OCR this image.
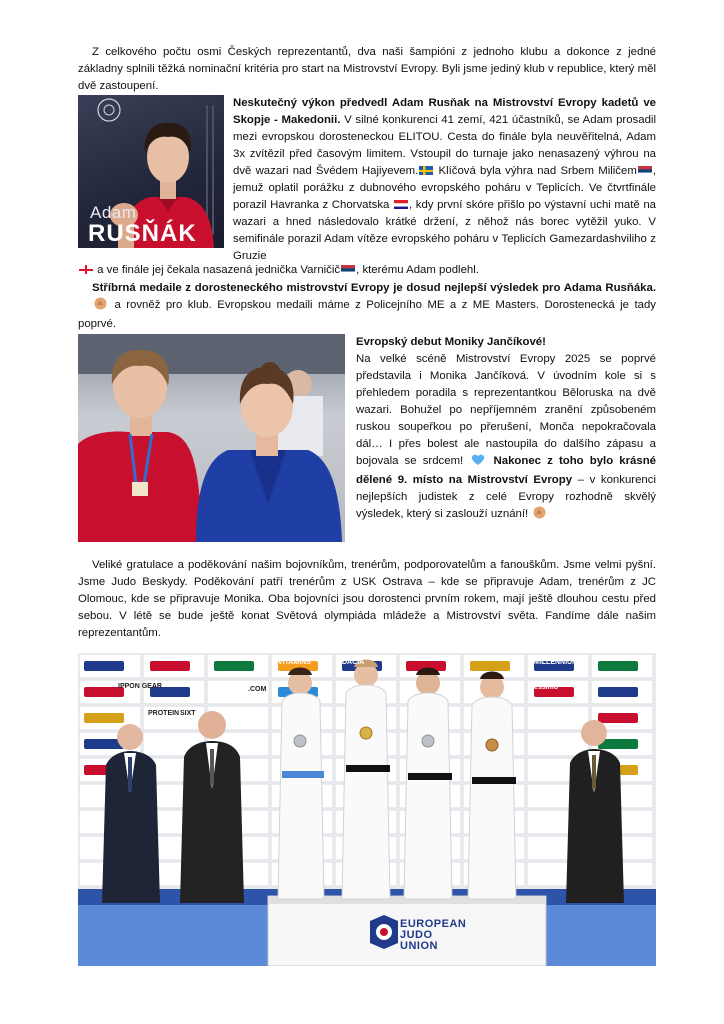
Z celkového počtu osmi Českých reprezentantů, dva naši šampióni z jednoho klubu a dokonce z jedné základny splnili těžká nominační kritéria pro start na Mistrovství Evropy. Byli jsme jediný klub v republice, který měl dvě zastoupení.
Adam
RUSŇÁK
Neskutečný výkon předvedl Adam Rusňak na Mistrovství Evropy kadetů ve Skopje - Makedonii. V silné konkurenci 41 zemí, 421 účastníků, se Adam prosadil mezi evropskou dorosteneckou ELITOU. Cesta do finále byla neuvěřitelná, Adam 3x zvítězil před časovým limitem. Vstoupil do turnaje jako nenasazený výhrou na dvě wazari nad Švédem Hajiyevem. Klíčová byla výhra nad Srbem Miličem , jemuž oplatil porážku z dubnového evropského poháru v Teplicích. Ve čtvrtfinále porazil Havranka z Chorvatska , kdy první skóre přišlo po výstavní uchi matě na wazari a hned následovalo krátké držení, z něhož nás borec vytěžil yuko. V semifinále porazil Adam vítěze evropského poháru v Teplicích Gamezardashviliho z Gruzie
a ve finále jej čekala nasazená jednička Varničič , kterému Adam podlehl.
Stříbrná medaile z dorosteneckého mistrovství Evropy je dosud nejlepší výsledek pro Adama Rusňáka. a rovněž pro klub. Evropskou medaili máme z Policejního ME a z ME Masters. Dorostenecká je tady poprvé.
Evropský debut Moniky Jančíkové!
Na velké scéně Mistrovství Evropy 2025 se poprvé představila i Monika Jančíková. V úvodním kole si s přehledem poradila s reprezentantkou Běloruska na dvě wazari. Bohužel po nepříjemném zranění způsobeném ruskou soupeřkou po přerušení, Monča nepokračovala dál… I přes bolest ale nastoupila do dalšího zápasu a bojovala se srdcem!	Nakonec z toho bylo krásné dělené 9. místo na Mistrovství Evropy – v konkurenci nejlepších judistek z celé Evropy rozhodně skvělý výsledek, který si zaslouží uznání!
Veliké gratulace a poděkování našim bojovníkům, trenérům, podporovatelům a fanouškům. Jsme velmi pyšní. Jsme Judo Beskydy. Poděkování patří trenérům z USK Ostrava – kde se připravuje Adam, trenérům z JC Olomouc, kde se připravuje Monika. Oba bojovníci jsou dorostenci prvním rokem, mají ještě dlouhou cestu před sebou. V létě se bude ještě konat Světová olympiáda mládeže a Mistrovství světa. Fandíme dále našim reprezentantům.
EUROPEAN
JUDO
UNION
#JUDO
IPPON GEAR
PROTEIN SIXT
.COM
VITAMINS	DACIA	MILLENNIUM
essimo
